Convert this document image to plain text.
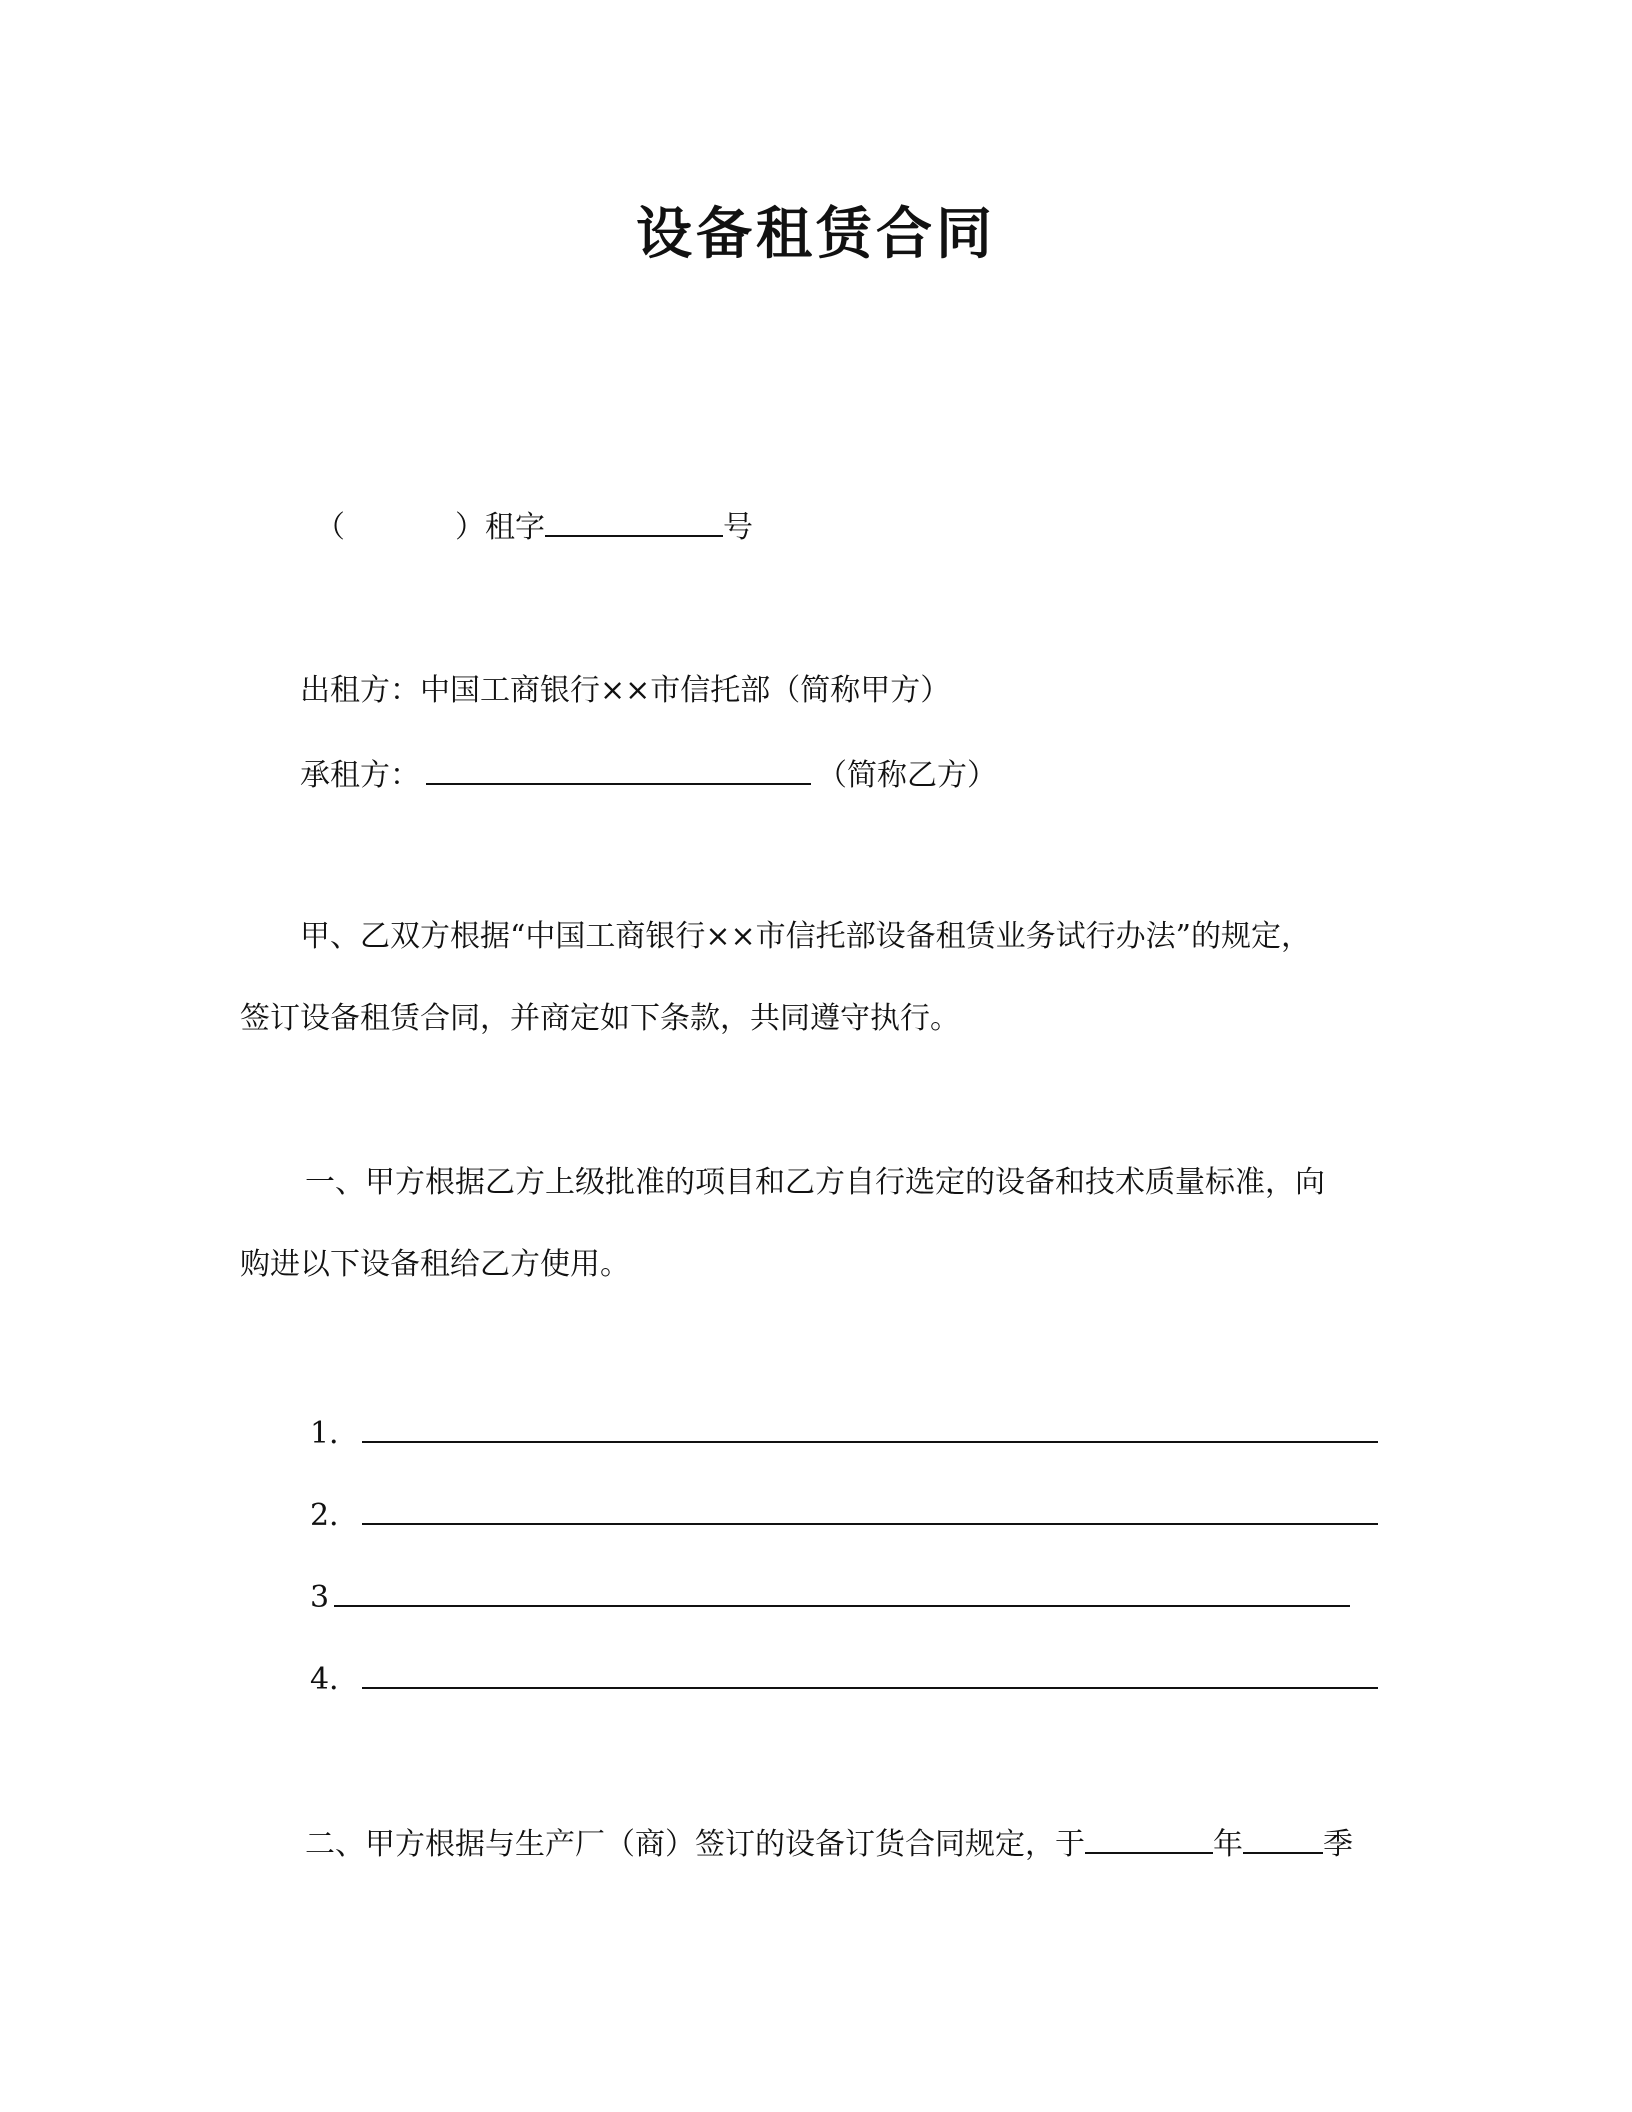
设备租赁合同
（	）租字	号
出租方：中国工商银行××市信托部（简称甲方）
承租方：	（简称乙方）
甲、乙双方根据“中国工商银行××市信托部设备租赁业务试行办法”的规定，
签订设备租赁合同，并商定如下条款，共同遵守执行。
一、甲方根据乙方上级批准的项目和乙方自行选定的设备和技术质量标准，向
购进以下设备租给乙方使用。
1．
2．
3
4．
二、甲方根据与生产厂（商）签订的设备订货合同规定，于	年	季
